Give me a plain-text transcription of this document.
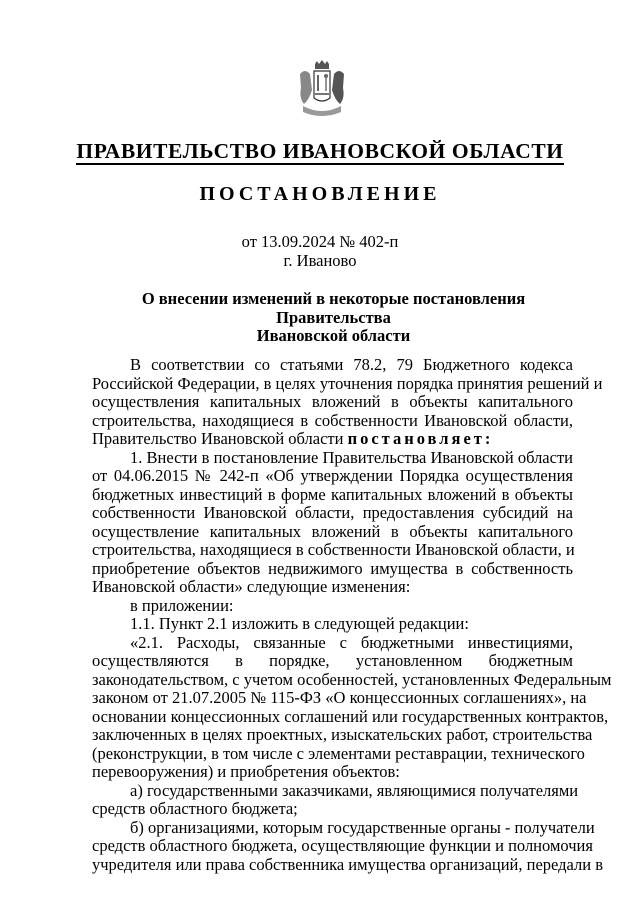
ПРАВИТЕЛЬСТВО ИВАНОВСКОЙ ОБЛАСТИ
ПОСТАНОВЛЕНИЕ
от 13.09.2024 № 402-п
г. Иваново
О внесении изменений в некоторые постановления Правительства
Ивановской области
В соответствии со статьями 78.2, 79 Бюджетного кодекса
Российской Федерации, в целях уточнения порядка принятия решений и
осуществления капитальных вложений в объекты капитального
строительства, находящиеся в собственности Ивановской области,
Правительство Ивановской области постановляет:
1. Внести в постановление Правительства Ивановской области
от 04.06.2015 № 242-п «Об утверждении Порядка осуществления
бюджетных инвестиций в форме капитальных вложений в объекты
собственности Ивановской области, предоставления субсидий на
осуществление капитальных вложений в объекты капитального
строительства, находящиеся в собственности Ивановской области, и
приобретение объектов недвижимого имущества в собственность
Ивановской области» следующие изменения:
в приложении:
1.1. Пункт 2.1 изложить в следующей редакции:
«2.1. Расходы, связанные с бюджетными инвестициями,
осуществляются в порядке, установленном бюджетным
законодательством, с учетом особенностей, установленных Федеральным
законом от 21.07.2005 № 115-ФЗ «О концессионных соглашениях», на
основании концессионных соглашений или государственных контрактов,
заключенных в целях проектных, изыскательских работ, строительства
(реконструкции, в том числе с элементами реставрации, технического
перевооружения) и приобретения объектов:
а) государственными заказчиками, являющимися получателями
средств областного бюджета;
б) организациями, которым государственные органы - получатели
средств областного бюджета, осуществляющие функции и полномочия
учредителя или права собственника имущества организаций, передали в
